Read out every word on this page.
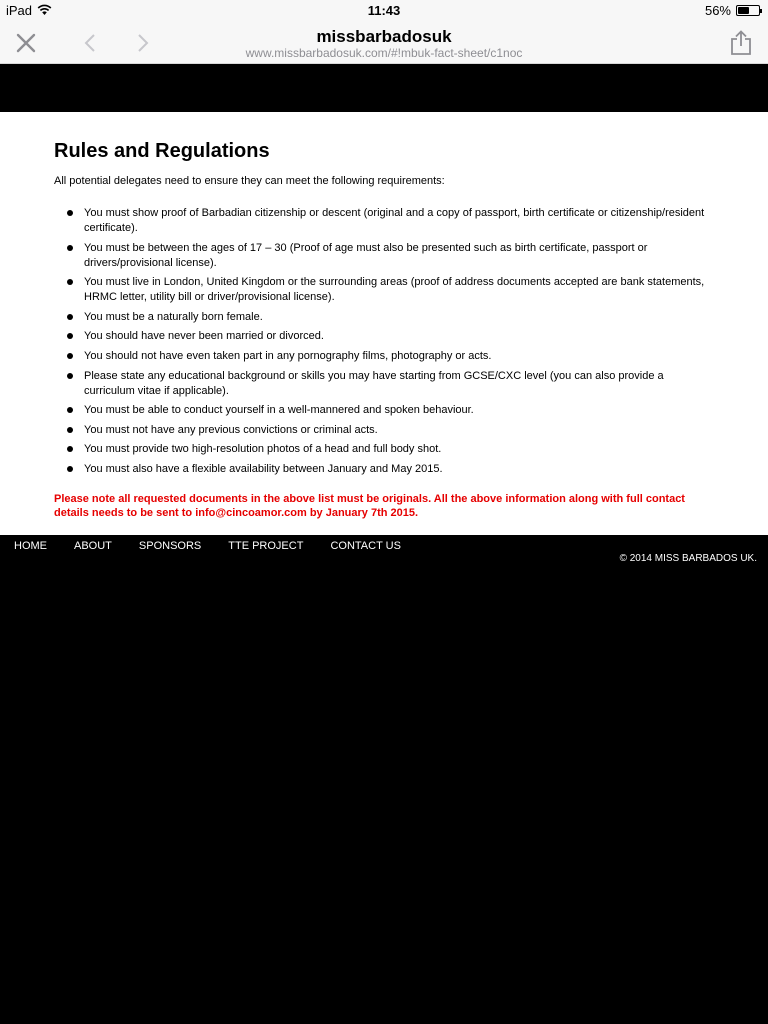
iPad	11:43	56%
missbarbadosuk
www.missbarbadosuk.com/#!mbuk-fact-sheet/c1noc
Rules and Regulations

All potential delegates need to ensure they can meet the following requirements:

You must show proof of Barbadian citizenship or descent (original and a copy of passport, birth certificate or citizenship/resident certificate).
You must be between the ages of 17 – 30 (Proof of age must also be presented such as birth certificate, passport or drivers/provisional license).
You must live in London, United Kingdom or the surrounding areas (proof of address documents accepted are bank statements, HRMC letter, utility bill or driver/provisional license).
You must be a naturally born female.
You should have never been married or divorced.
You should not have even taken part in any pornography films, photography or acts.
Please state any educational background or skills you may have starting from GCSE/CXC level (you can also provide a curriculum vitae if applicable).
You must be able to conduct yourself in a well-mannered and spoken behaviour.
You must not have any previous convictions or criminal acts.
You must provide two high-resolution photos of a head and full body shot.
You must also have a flexible availability between January and May 2015.

Please note all requested documents in the above list must be originals. All the above information along with full contact details needs to be sent to info@cincoamor.com by January 7th 2015.

HOME ABOUT SPONSORS TTE PROJECT CONTACT US
© 2014 MISS BARBADOS UK.
